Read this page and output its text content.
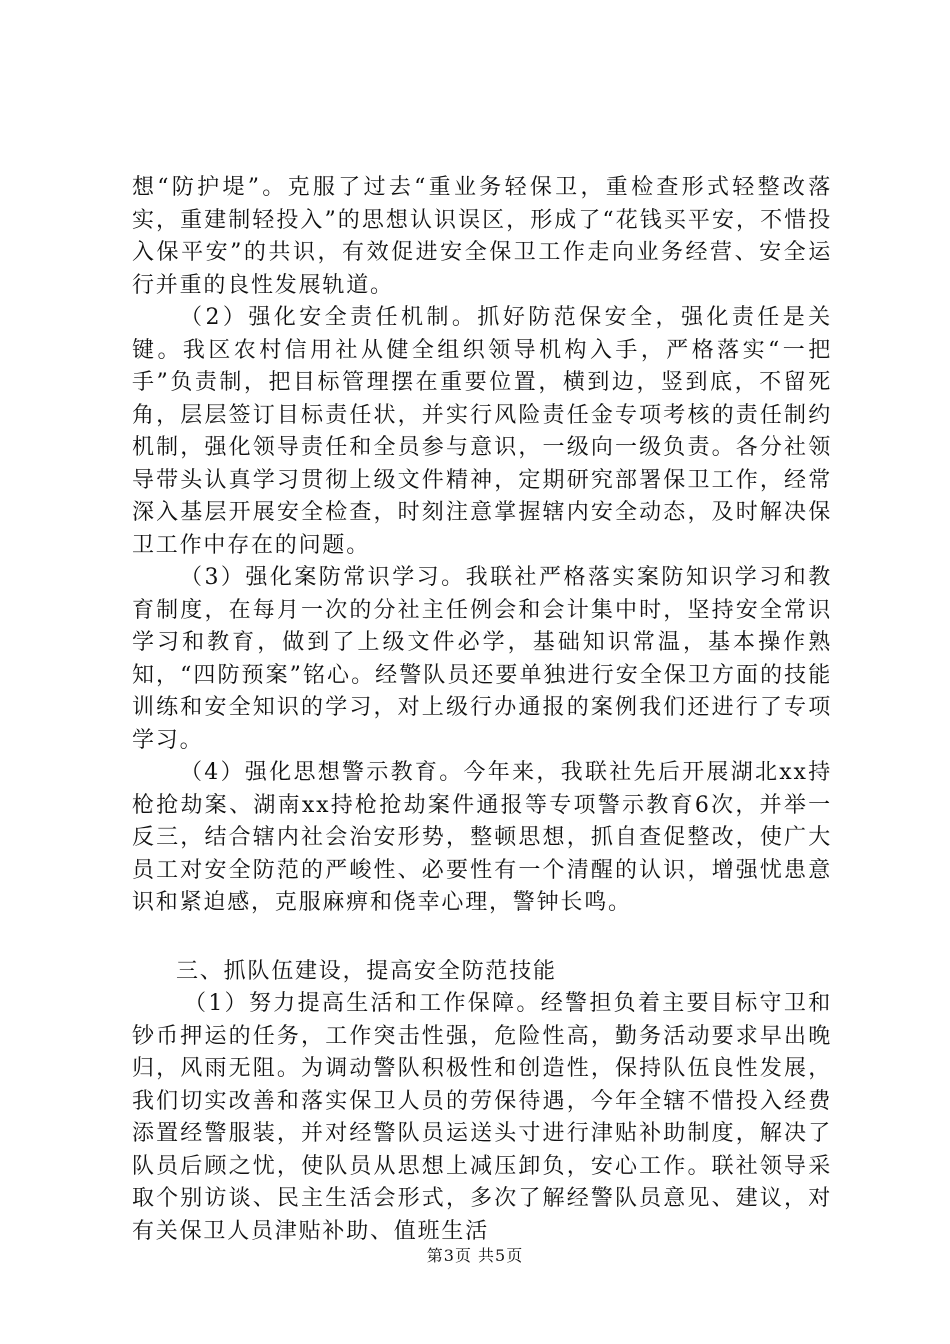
想“防护堤”。克服了过去“重业务轻保卫，重检查形式轻整改落实，重建制轻投入”的思想认识误区，形成了“花钱买平安，不惜投入保平安”的共识，有效促进安全保卫工作走向业务经营、安全运行并重的良性发展轨道。

（2）强化安全责任机制。抓好防范保安全，强化责任是关键。我区农村信用社从健全组织领导机构入手，严格落实“一把手”负责制，把目标管理摆在重要位置，横到边，竖到底，不留死角，层层签订目标责任状，并实行风险责任金专项考核的责任制约机制，强化领导责任和全员参与意识，一级向一级负责。各分社领导带头认真学习贯彻上级文件精神，定期研究部署保卫工作，经常深入基层开展安全检查，时刻注意掌握辖内安全动态，及时解决保卫工作中存在的问题。

（3）强化案防常识学习。我联社严格落实案防知识学习和教育制度，在每月一次的分社主任例会和会计集中时，坚持安全常识学习和教育，做到了上级文件必学，基础知识常温，基本操作熟知，“四防预案”铭心。经警队员还要单独进行安全保卫方面的技能训练和安全知识的学习，对上级行办通报的案例我们还进行了专项学习。

（4）强化思想警示教育。今年来，我联社先后开展湖北xx持枪抢劫案、湖南xx持枪抢劫案件通报等专项警示教育6次，并举一反三，结合辖内社会治安形势，整顿思想，抓自查促整改，使广大员工对安全防范的严峻性、必要性有一个清醒的认识，增强忧患意识和紧迫感，克服麻痹和侥幸心理，警钟长鸣。

三、抓队伍建设，提高安全防范技能

（1）努力提高生活和工作保障。经警担负着主要目标守卫和钞币押运的任务，工作突击性强，危险性高，勤务活动要求早出晚归，风雨无阻。为调动警队积极性和创造性，保持队伍良性发展，我们切实改善和落实保卫人员的劳保待遇，今年全辖不惜投入经费添置经警服装，并对经警队员运送头寸进行津贴补助制度，解决了队员后顾之忧，使队员从思想上减压卸负，安心工作。联社领导采取个别访谈、民主生活会形式，多次了解经警队员意见、建议，对有关保卫人员津贴补助、值班生活

第3页 共5页
